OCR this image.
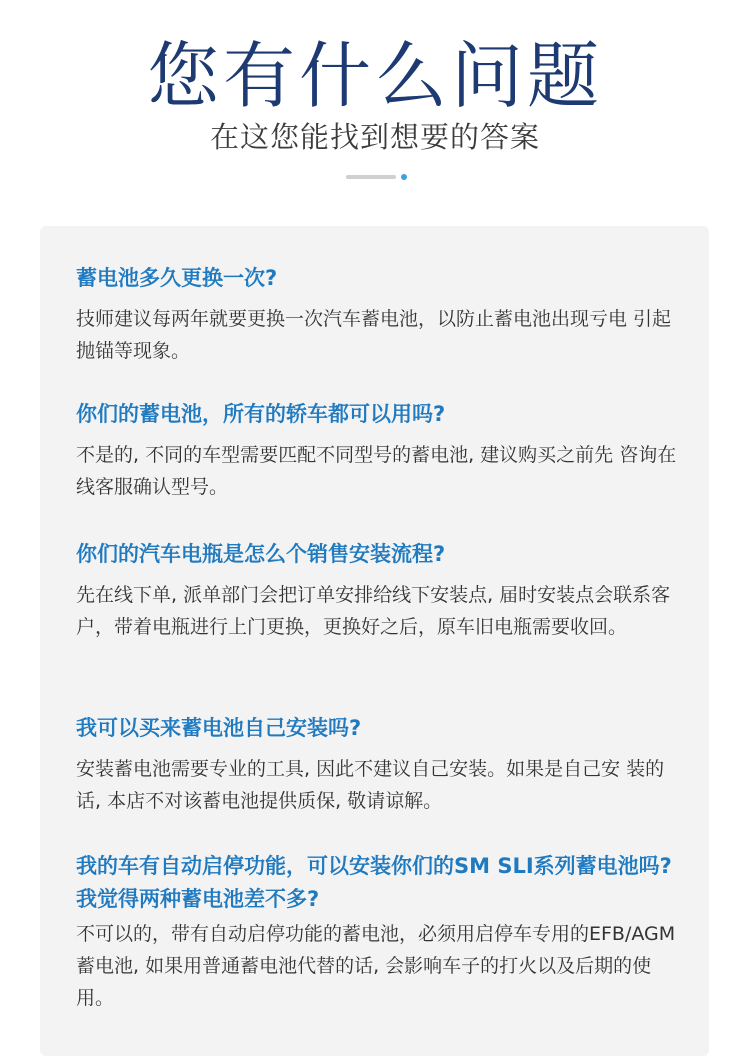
您有什么问题
在这您能找到想要的答案

蓄电池多久更换一次?

技师建议每两年就要更换一次汽车蓄电池，以防止蓄电池出现亏电 引起抛锚等现象。

你们的蓄电池，所有的轿车都可以用吗?

不是的, 不同的车型需要匹配不同型号的蓄电池, 建议购买之前先 咨询在线客服确认型号。

你们的汽车电瓶是怎么个销售安装流程?

先在线下单, 派单部门会把订单安排给线下安装点, 届时安装点会联系客户，带着电瓶进行上门更换，更换好之后，原车旧电瓶需要收回。

我可以买来蓄电池自己安装吗?

安装蓄电池需要专业的工具, 因此不建议自己安装。如果是自己安 装的话, 本店不对该蓄电池提供质保, 敬请谅解。

我的车有自动启停功能，可以安装你们的SM SLI系列蓄电池吗?我觉得两种蓄电池差不多?

不可以的，带有自动启停功能的蓄电池，必须用启停车专用的EFB/AGM 蓄电池, 如果用普通蓄电池代替的话, 会影响车子的打火以及后期的使用。
